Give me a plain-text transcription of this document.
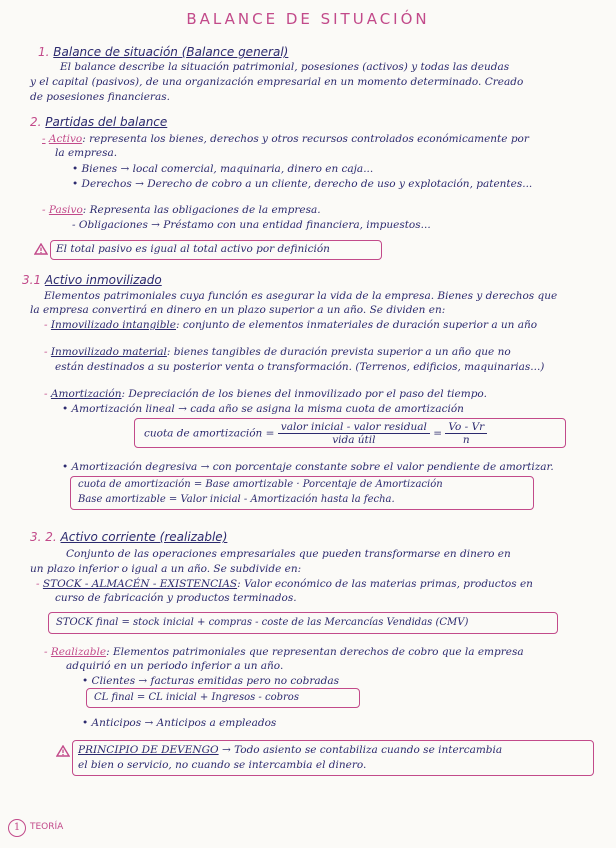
BALANCE DE SITUACIÓN
1. Balance de situación (Balance general)
El balance describe la situación patrimonial, posesiones (activos) y todas las deudas
y el capital (pasivos), de una organización empresarial en un momento determinado. Creado
de posesiones financieras.
2. Partidas del balance
- Activo: representa los bienes, derechos y otros recursos controlados económicamente por
la empresa.
• Bienes → local comercial, maquinaria, dinero en caja...
• Derechos → Derecho de cobro a un cliente, derecho de uso y explotación, patentes...
- Pasivo: Representa las obligaciones de la empresa.
- Obligaciones → Préstamo con una entidad financiera, impuestos...
El total pasivo es igual al total activo por definición
3.1 Activo inmovilizado
Elementos patrimoniales cuya función es asegurar la vida de la empresa. Bienes y derechos que
la empresa convertirá en dinero en un plazo superior a un año. Se dividen en:
- Inmovilizado intangible: conjunto de elementos inmateriales de duración superior a un año
- Inmovilizado material: bienes tangibles de duración prevista superior a un año que no
están destinados a su posterior venta o transformación. (Terrenos, edificios, maquinarias...)
- Amortización: Depreciación de los bienes del inmovilizado por el paso del tiempo.
• Amortización lineal → cada año se asigna la misma cuota de amortización
cuota de amortización = $\frac{\text{valor inicial - valor residual}}{\text{vida útil}} = \frac{Vo - Vr}{n}$
• Amortización degresiva → con porcentaje constante sobre el valor pendiente de amortizar.
cuota de amortización = Base amortizable · Porcentaje de Amortización
Base amortizable = Valor inicial - Amortización hasta la fecha.
3. 2. Activo corriente (realizable)
Conjunto de las operaciones empresariales que pueden transformarse en dinero en
un plazo inferior o igual a un año. Se subdivide en:
- STOCK - ALMACÉN - EXISTENCIAS: Valor económico de las materias primas, productos en
curso de fabricación y productos terminados.
STOCK final = stock inicial + compras - coste de las Mercancías Vendidas (CMV)
- Realizable: Elementos patrimoniales que representan derechos de cobro que la empresa
adquirió en un periodo inferior a un año.
• Clientes → facturas emitidas pero no cobradas
CL final = CL inicial + Ingresos - cobros
• Anticipos → Anticipos a empleados
PRINCIPIO DE DEVENGO → Todo asiento se contabiliza cuando se intercambia
el bien o servicio, no cuando se intercambia el dinero.
1	TEORÍA
